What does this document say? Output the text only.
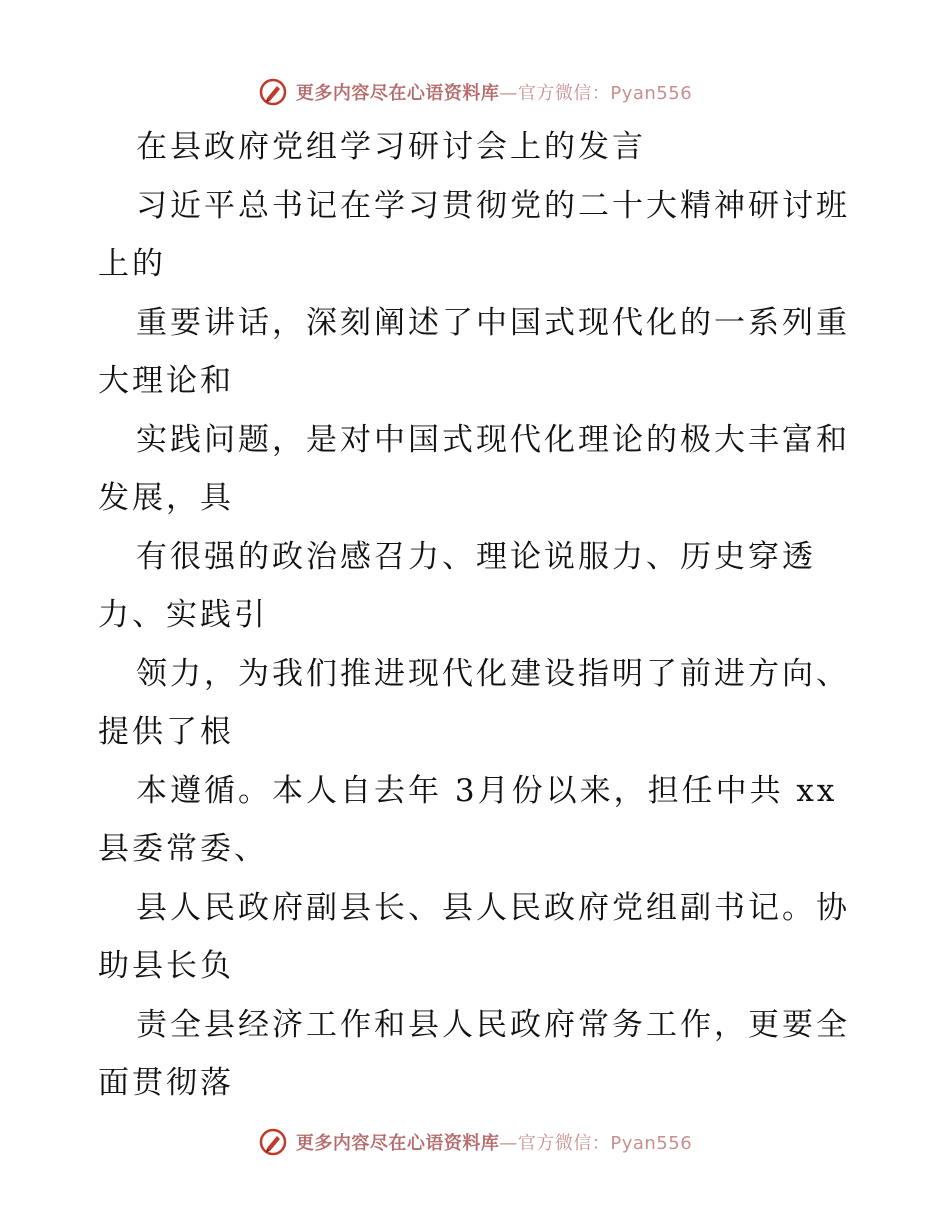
更多内容尽在心语资料库—官方微信：Pyan556
在县政府党组学习研讨会上的发言
习近平总书记在学习贯彻党的二十大精神研讨班
上的
重要讲话，深刻阐述了中国式现代化的一系列重
大理论和
实践问题，是对中国式现代化理论的极大丰富和
发展，具
有很强的政治感召力、理论说服力、历史穿透
力、实践引
领力，为我们推进现代化建设指明了前进方向、
提供了根
本遵循。本人自去年 3月份以来，担任中共 xx
县委常委、
县人民政府副县长、县人民政府党组副书记。协
助县长负
责全县经济工作和县人民政府常务工作，更要全
面贯彻落
更多内容尽在心语资料库—官方微信：Pyan556
